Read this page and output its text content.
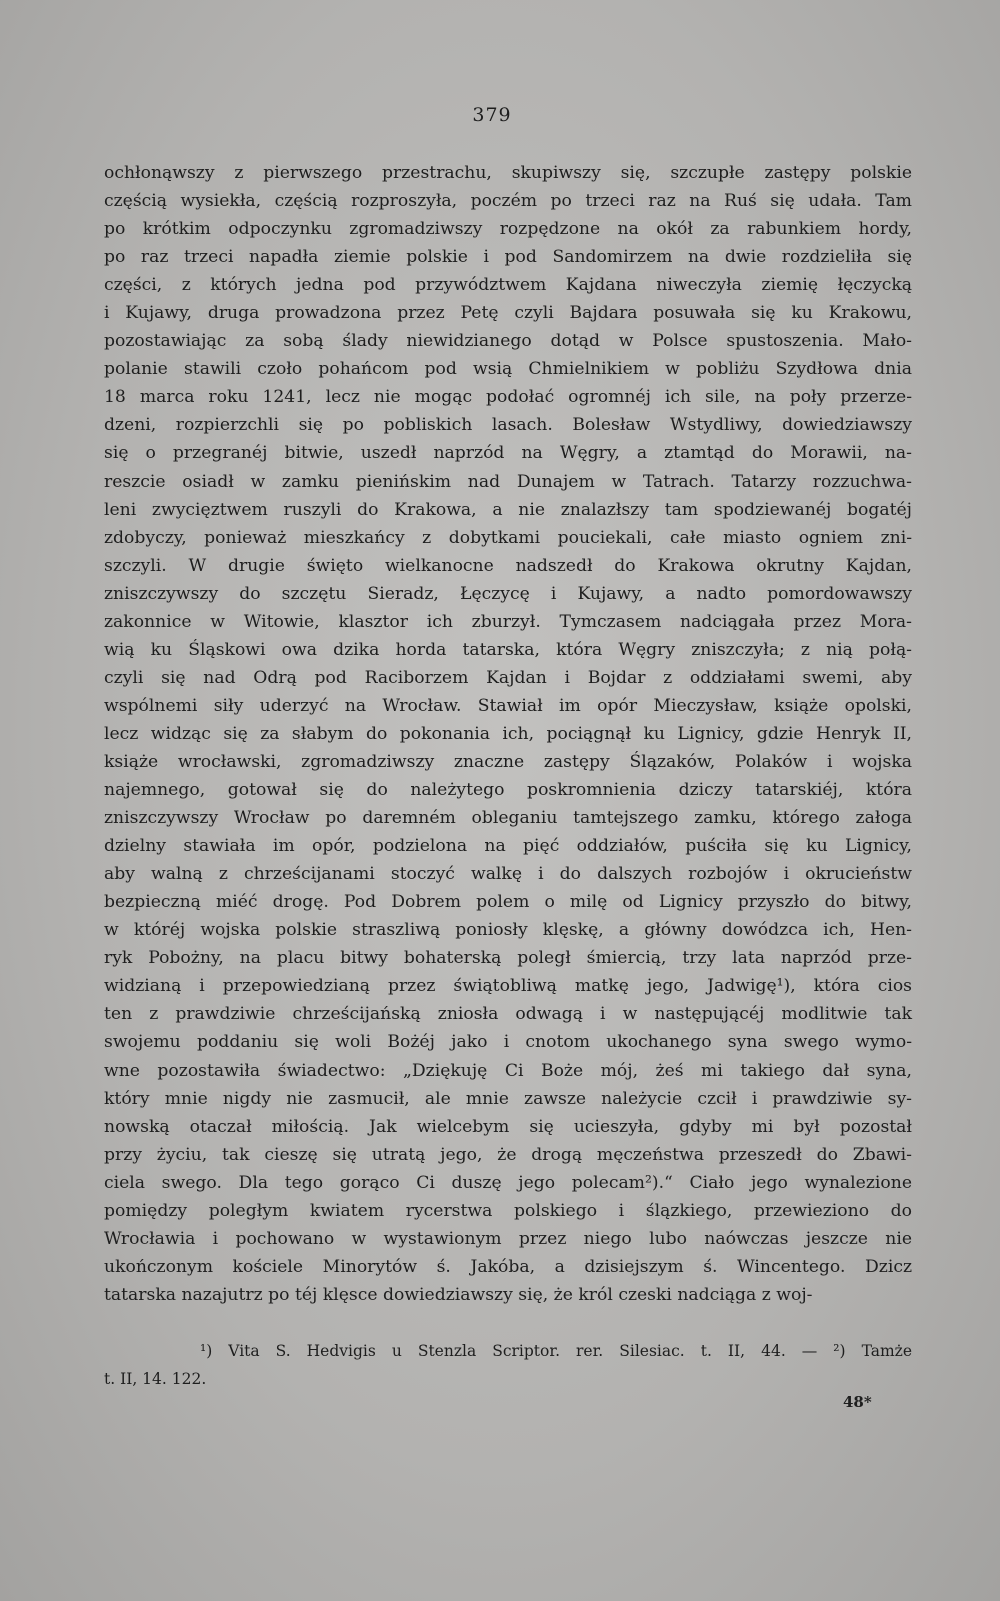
379
ochłonąwszy z pierwszego przestrachu, skupiwszy się, szczupłe zastępy polskie
częścią wysiekła, częścią rozproszyła, poczém po trzeci raz na Ruś się udała. Tam
po krótkim odpoczynku zgromadziwszy rozpędzone na okół za rabunkiem hordy,
po raz trzeci napadła ziemie polskie i pod Sandomirzem na dwie rozdzieliła się
części, z których jedna pod przywództwem Kajdana niweczyła ziemię łęczycką
i Kujawy, druga prowadzona przez Petę czyli Bajdara posuwała się ku Krakowu,
pozostawiając za sobą ślady niewidzianego dotąd w Polsce spustoszenia. Mało-
polanie stawili czoło pohańcom pod wsią Chmielnikiem w pobliżu Szydłowa dnia
18 marca roku 1241, lecz nie mogąc podołać ogromnéj ich sile, na poły przerze-
dzeni, rozpierzchli się po pobliskich lasach. Bolesław Wstydliwy, dowiedziawszy
się o przegranéj bitwie, uszedł naprzód na Węgry, a ztamtąd do Morawii, na-
reszcie osiadł w zamku pienińskim nad Dunajem w Tatrach. Tatarzy rozzuchwa-
leni zwycięztwem ruszyli do Krakowa, a nie znalazłszy tam spodziewanéj bogatéj
zdobyczy, ponieważ mieszkańcy z dobytkami pouciekali, całe miasto ogniem zni-
szczyli. W drugie święto wielkanocne nadszedł do Krakowa okrutny Kajdan,
zniszczywszy do szczętu Sieradz, Łęczycę i Kujawy, a nadto pomordowawszy
zakonnice w Witowie, klasztor ich zburzył. Tymczasem nadciągała przez Mora-
wią ku Śląskowi owa dzika horda tatarska, która Węgry zniszczyła; z nią połą-
czyli się nad Odrą pod Raciborzem Kajdan i Bojdar z oddziałami swemi, aby
wspólnemi siły uderzyć na Wrocław. Stawiał im opór Mieczysław, książe opolski,
lecz widząc się za słabym do pokonania ich, pociągnął ku Lignicy, gdzie Henryk II,
książe wrocławski, zgromadziwszy znaczne zastępy Ślązaków, Polaków i wojska
najemnego, gotował się do należytego poskromnienia dziczy tatarskiéj, która
zniszczywszy Wrocław po daremném obleganiu tamtejszego zamku, którego załoga
dzielny stawiała im opór, podzielona na pięć oddziałów, puściła się ku Lignicy,
aby walną z chrześcijanami stoczyć walkę i do dalszych rozbojów i okrucieństw
bezpieczną miéć drogę. Pod Dobrem polem o milę od Lignicy przyszło do bitwy,
w któréj wojska polskie straszliwą poniosły klęskę, a główny dowódzca ich, Hen-
ryk Pobożny, na placu bitwy bohaterską poległ śmiercią, trzy lata naprzód prze-
widzianą i przepowiedzianą przez świątobliwą matkę jego, Jadwigę¹), która cios
ten z prawdziwie chrześcijańską zniosła odwagą i w następującéj modlitwie tak
swojemu poddaniu się woli Bożéj jako i cnotom ukochanego syna swego wymo-
wne pozostawiła świadectwo: „Dziękuję Ci Boże mój, żeś mi takiego dał syna,
który mnie nigdy nie zasmucił, ale mnie zawsze należycie czcił i prawdziwie sy-
nowską otaczał miłością. Jak wielcebym się ucieszyła, gdyby mi był pozostał
przy życiu, tak cieszę się utratą jego, że drogą męczeństwa przeszedł do Zbawi-
ciela swego. Dla tego gorąco Ci duszę jego polecam²).“ Ciało jego wynalezione
pomiędzy poległym kwiatem rycerstwa polskiego i ślązkiego, przewieziono do
Wrocławia i pochowano w wystawionym przez niego lubo naówczas jeszcze nie
ukończonym kościele Minorytów ś. Jakóba, a dzisiejszym ś. Wincentego. Dzicz
tatarska nazajutrz po téj klęsce dowiedziawszy się, że król czeski nadciąga z woj-
¹) Vita S. Hedvigis u Stenzla Scriptor. rer. Silesiac. t. II, 44. — ²) Tamże
t. II, 14. 122.
48*
